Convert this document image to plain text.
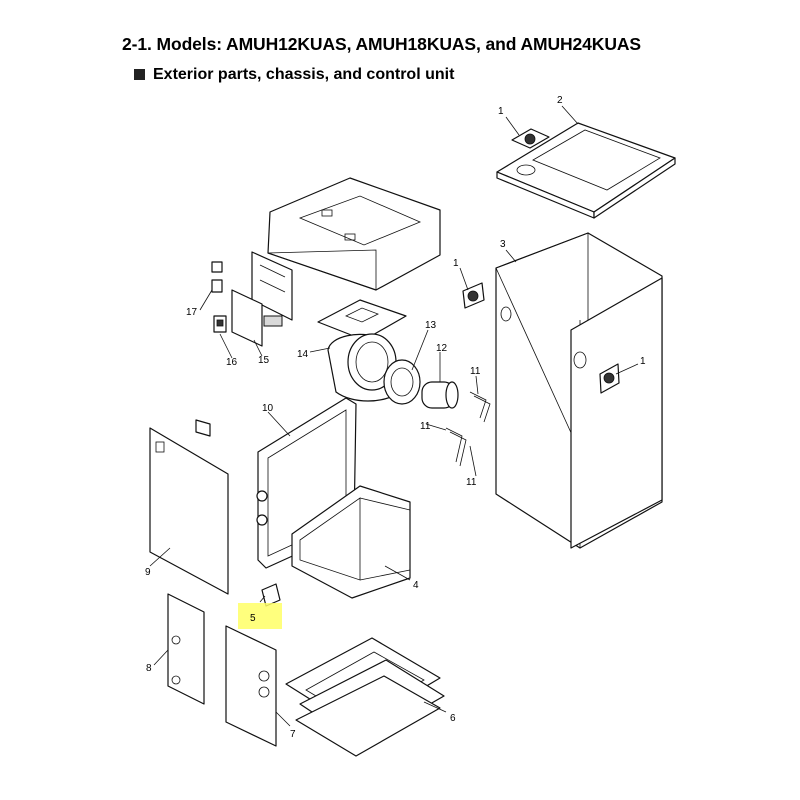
2-1. Models: AMUH12KUAS, AMUH18KUAS, and AMUH24KUAS
Exterior parts, chassis, and control unit
1
2
3
1
1
4
5
6
7
8
9
10
11
11
11
12
13
14
15
16
17
